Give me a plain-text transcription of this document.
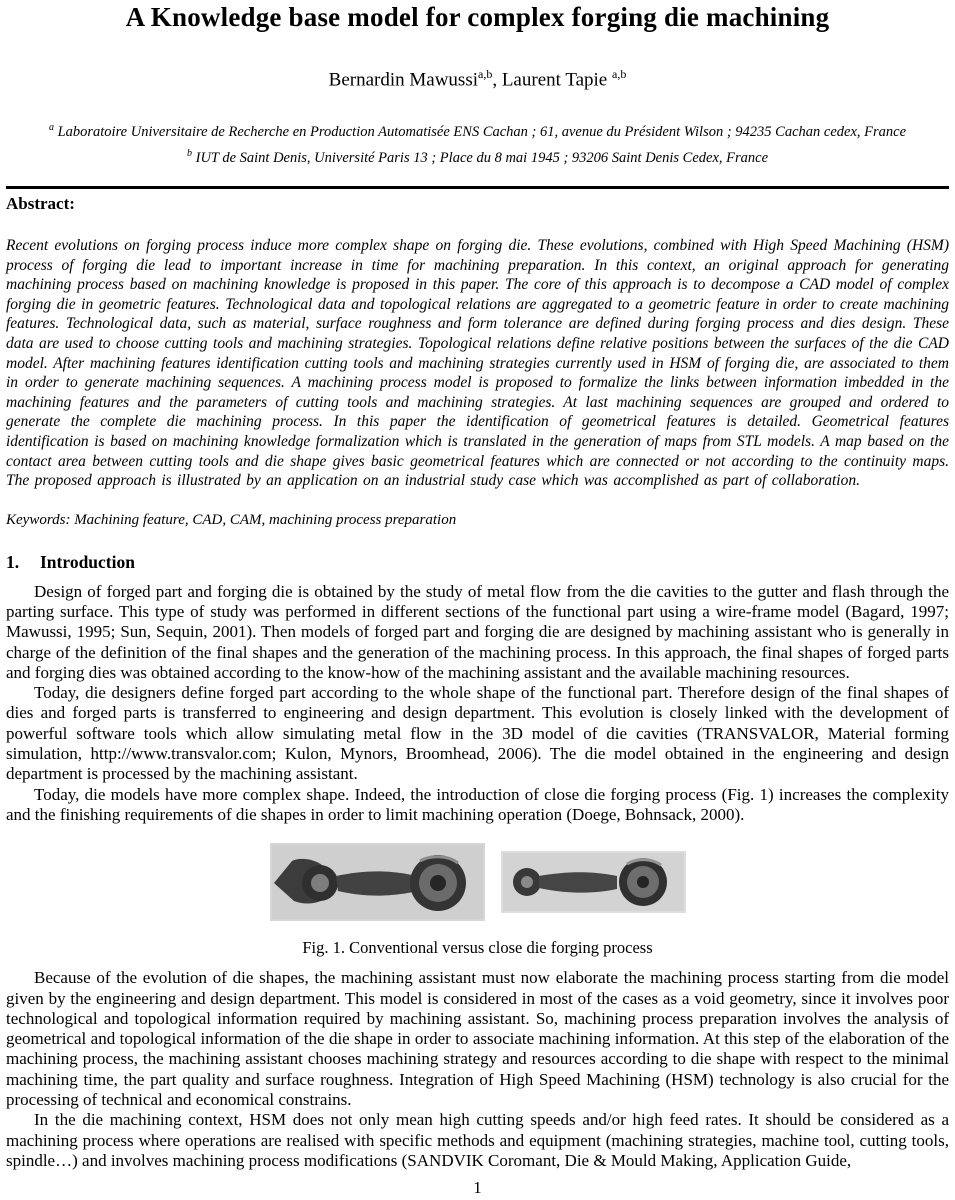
A Knowledge base model for complex forging die machining
Bernardin Mawussi$^{a,b}$, Laurent Tapie $^{a,b}$
$^a$ Laboratoire Universitaire de Recherche en Production Automatisée ENS Cachan ; 61, avenue du Président Wilson ; 94235 Cachan cedex, France
$^b$ IUT de Saint Denis, Université Paris 13 ; Place du 8 mai 1945 ; 93206 Saint Denis Cedex, France
Abstract:

Recent evolutions on forging process induce more complex shape on forging die. These evolutions, combined with High Speed Machining (HSM) process of forging die lead to important increase in time for machining preparation. In this context, an original approach for generating machining process based on machining knowledge is proposed in this paper. The core of this approach is to decompose a CAD model of complex forging die in geometric features. Technological data and topological relations are aggregated to a geometric feature in order to create machining features. Technological data, such as material, surface roughness and form tolerance are defined during forging process and dies design. These data are used to choose cutting tools and machining strategies. Topological relations define relative positions between the surfaces of the die CAD model. After machining features identification cutting tools and machining strategies currently used in HSM of forging die, are associated to them in order to generate machining sequences. A machining process model is proposed to formalize the links between information imbedded in the machining features and the parameters of cutting tools and machining strategies. At last machining sequences are grouped and ordered to generate the complete die machining process. In this paper the identification of geometrical features is detailed. Geometrical features identification is based on machining knowledge formalization which is translated in the generation of maps from STL models. A map based on the contact area between cutting tools and die shape gives basic geometrical features which are connected or not according to the continuity maps. The proposed approach is illustrated by an application on an industrial study case which was accomplished as part of collaboration.

Keywords: Machining feature, CAD, CAM, machining process preparation
1. Introduction

Design of forged part and forging die is obtained by the study of metal flow from the die cavities to the gutter and flash through the parting surface. This type of study was performed in different sections of the functional part using a wire-frame model (Bagard, 1997; Mawussi, 1995; Sun, Sequin, 2001). Then models of forged part and forging die are designed by machining assistant who is generally in charge of the definition of the final shapes and the generation of the machining process. In this approach, the final shapes of forged parts and forging dies was obtained according to the know-how of the machining assistant and the available machining resources.

Today, die designers define forged part according to the whole shape of the functional part. Therefore design of the final shapes of dies and forged parts is transferred to engineering and design department. This evolution is closely linked with the development of powerful software tools which allow simulating metal flow in the 3D model of die cavities (TRANSVALOR, Material forming simulation, http://www.transvalor.com; Kulon, Mynors, Broomhead, 2006). The die model obtained in the engineering and design department is processed by the machining assistant.

Today, die models have more complex shape. Indeed, the introduction of close die forging process (Fig. 1) increases the complexity and the finishing requirements of die shapes in order to limit machining operation (Doege, Bohnsack, 2000).

Fig. 1. Conventional versus close die forging process

Because of the evolution of die shapes, the machining assistant must now elaborate the machining process starting from die model given by the engineering and design department. This model is considered in most of the cases as a void geometry, since it involves poor technological and topological information required by machining assistant. So, machining process preparation involves the analysis of geometrical and topological information of the die shape in order to associate machining information. At this step of the elaboration of the machining process, the machining assistant chooses machining strategy and resources according to die shape with respect to the minimal machining time, the part quality and surface roughness. Integration of High Speed Machining (HSM) technology is also crucial for the processing of technical and economical constrains.

In the die machining context, HSM does not only mean high cutting speeds and/or high feed rates. It should be considered as a machining process where operations are realised with specific methods and equipment (machining strategies, machine tool, cutting tools, spindle…) and involves machining process modifications (SANDVIK Coromant, Die & Mould Making, Application Guide,

1
